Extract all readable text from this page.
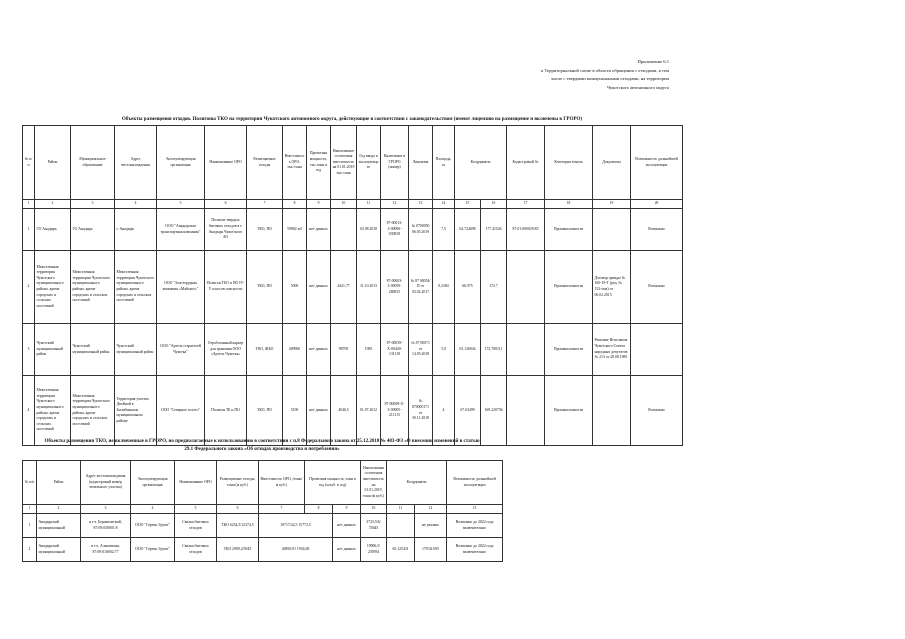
Приложение 6.1
к Территориальной схеме в области обращения с отходами, в том
числе с твердыми коммунальными отходами, на территории
Чукотского автономного округа
Объекты размещения отходов. Полигоны ТКО на территории Чукотского автономного округа, действующие в соответствии с законодательством (имеют лицензию на размещение и включены в ГРОРО)
№ п/п	Район	Муниципальное образование	Адрес местонахождения	Эксплуатирующая организация	Наименование ОРО	Размещаемые отходы	Вместимость ОРО, тыс.тонн	Проектная мощность, тыс.тонн в год	Накопленное остаточная вместимость на 01.01.2019 тыс.тонн	Год ввода в эксплуатацию	Включение в ГРОРО (номер)	Лицензия	Площадь, га	Координаты		Кадастровый №	Категория земель	Документы	Возможность дальнейшей эксплуатации
1	2	3	4	5	6	7	8	9	10	11	12	13	14	15	16	17	18	19	20
1	ГО Анадырь	ГО Анадырь	г. Анадырь	ООО "Анадырская транспортная компания"	Полигон твердых бытовых отходов в г. Анадырь Чукотского АО	ТКО, ПО	59882 м3	нет данных		03.08.2018	87-00013-З-00096-030818	№ 0700050 06.05.2019	7,5	64.724698	177.41526	87:01:000029:85	Промышленности		Возможно
2	Межселенная территория Чукотского муниципального района, кроме городских и сельских поселений	Межселенная территория Чукотского муниципального района, кроме городских и сельских поселений	Межселенная территория Чукотского муниципального района, кроме городских и сельских поселений	ООО "Золоторудная компания «Майское»"	Полигон ТБО и ПО IV-V классов опасности	ТКО, ПО	5000	нет данных	4421,77	31.10.2013	87-00003-З-00059-280815	№ 87 00054/П от 03.02.2017	0,2384	66.975	172.7		Промышленности	Договор аренды № 160-19-Т (ред. № 152-ома) от 06.02.2015	Возможно
3	Чукотский муниципальный район	Чукотский муниципальный район	Чукотский муниципальный район	ООО "Артель старателей Чукотка"	Отработанный карьер для хранения ООО «Артель Чукотка»	ТКО, ЖБО	409900	нет данных	98709	1985	87-00039-Х-00440-131118	№ 87 00071 от 14.05.2018	5,9	65.126944	172.700111		Промышленности	Решение Исполкома Чукотского Совета народных депутатов № 213 от 28.08.1985	
4	Межселенная территория Чукотского муниципального района, кроме городских и сельских поселений	Межселенная территория Чукотского муниципального района, кроме городских и сельских поселений	Территория участка Двойной в Билибинском муниципальном районе	ООО "Северное золото"	Полигон ТБ и ПО	ТКО, ПО	5100	нет данных	4046,5	01.07.2012	87-00008-Х-З-00905-211115	№ 870000171 от 30.11.2018	4	67.63499	169.220736		Промышленности		Возможно
Объекты размещения ТКО, не включенные в ГРОРО, но предполагаемые к использованию в соответствии с п.8 Федерального закона от 25.12.2018 № 483-ФЗ «О внесении изменений в статью
29.1 Федерального закона «Об отходах производства и потребления»
№ п/п	Район	Адрес местонахождения (кадастровый номер земельного участка)	Эксплуатирующая организация	Наименование ОРО	Размещаемые отходы, тонн (м куб.)	Вместимость ОРО, (тонн/м куб.)	Проектная мощность, тонн в год (м куб. в год)		Накопленная остаточная вместимость на 01.01.2019, тонн (м куб.)	Координаты		Возможность дальнейшей эксплуатации
1	2	3	4	5	6	7	8	9	10	11	12	13
1	Анадырский муниципальный	в т.ч. Беринговский, 87:09:030001:8	ООО "Сервис Групп"	Свалка бытовых отходов	ТКО 6234,5/12374,5	10717/42,5 15772,5		нет данных	3723,5/6/ 74645		не указано	Возможно до 2022 года включительно
2	Анадырский муниципальный	в т.ч. Алькатваам, 87:09:010002:77	ООО "Сервис Групп"	Свалка бытовых отходов	ТКО 2989,2/5945	40850,81 1934,68		нет данных	19906,5/ 239594	65.125431	179.02.695	Возможно до 2022 года включительно
